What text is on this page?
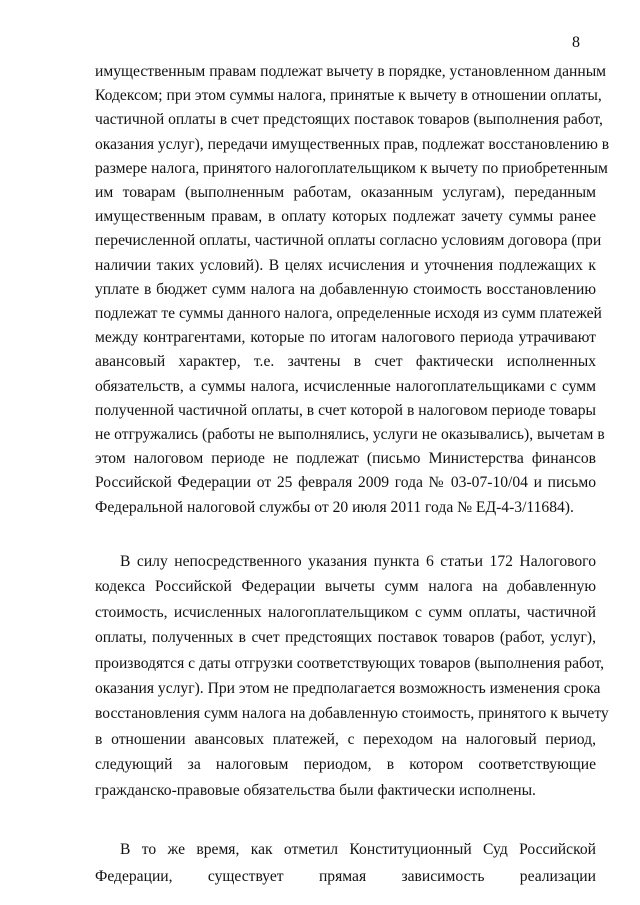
8
имущественным правам подлежат вычету в порядке, установленном данным
Кодексом; при этом суммы налога, принятые к вычету в отношении оплаты,
частичной оплаты в счет предстоящих поставок товаров (выполнения работ,
оказания услуг), передачи имущественных прав, подлежат восстановлению в
размере налога, принятого налогоплательщиком к вычету по приобретенным
им товарам (выполненным работам, оказанным услугам), переданным
имущественным правам, в оплату которых подлежат зачету суммы ранее
перечисленной оплаты, частичной оплаты согласно условиям договора (при
наличии таких условий). В целях исчисления и уточнения подлежащих к
уплате в бюджет сумм налога на добавленную стоимость восстановлению
подлежат те суммы данного налога, определенные исходя из сумм платежей
между контрагентами, которые по итогам налогового периода утрачивают
авансовый характер, т.е. зачтены в счет фактически исполненных
обязательств, а суммы налога, исчисленные налогоплательщиками с сумм
полученной частичной оплаты, в счет которой в налоговом периоде товары
не отгружались (работы не выполнялись, услуги не оказывались), вычетам в
этом налоговом периоде не подлежат (письмо Министерства финансов
Российской Федерации от 25 февраля 2009 года № 03-07-10/04 и письмо
Федеральной налоговой службы от 20 июля 2011 года № ЕД-4-3/11684).
В силу непосредственного указания пункта 6 статьи 172 Налогового
кодекса Российской Федерации вычеты сумм налога на добавленную
стоимость, исчисленных налогоплательщиком с сумм оплаты, частичной
оплаты, полученных в счет предстоящих поставок товаров (работ, услуг),
производятся с даты отгрузки соответствующих товаров (выполнения работ,
оказания услуг). При этом не предполагается возможность изменения срока
восстановления сумм налога на добавленную стоимость, принятого к вычету
в отношении авансовых платежей, с переходом на налоговый период,
следующий за налоговым периодом, в котором соответствующие
гражданско-правовые обязательства были фактически исполнены.
В то же время, как отметил Конституционный Суд Российской
Федерации, существует прямая зависимость реализации
